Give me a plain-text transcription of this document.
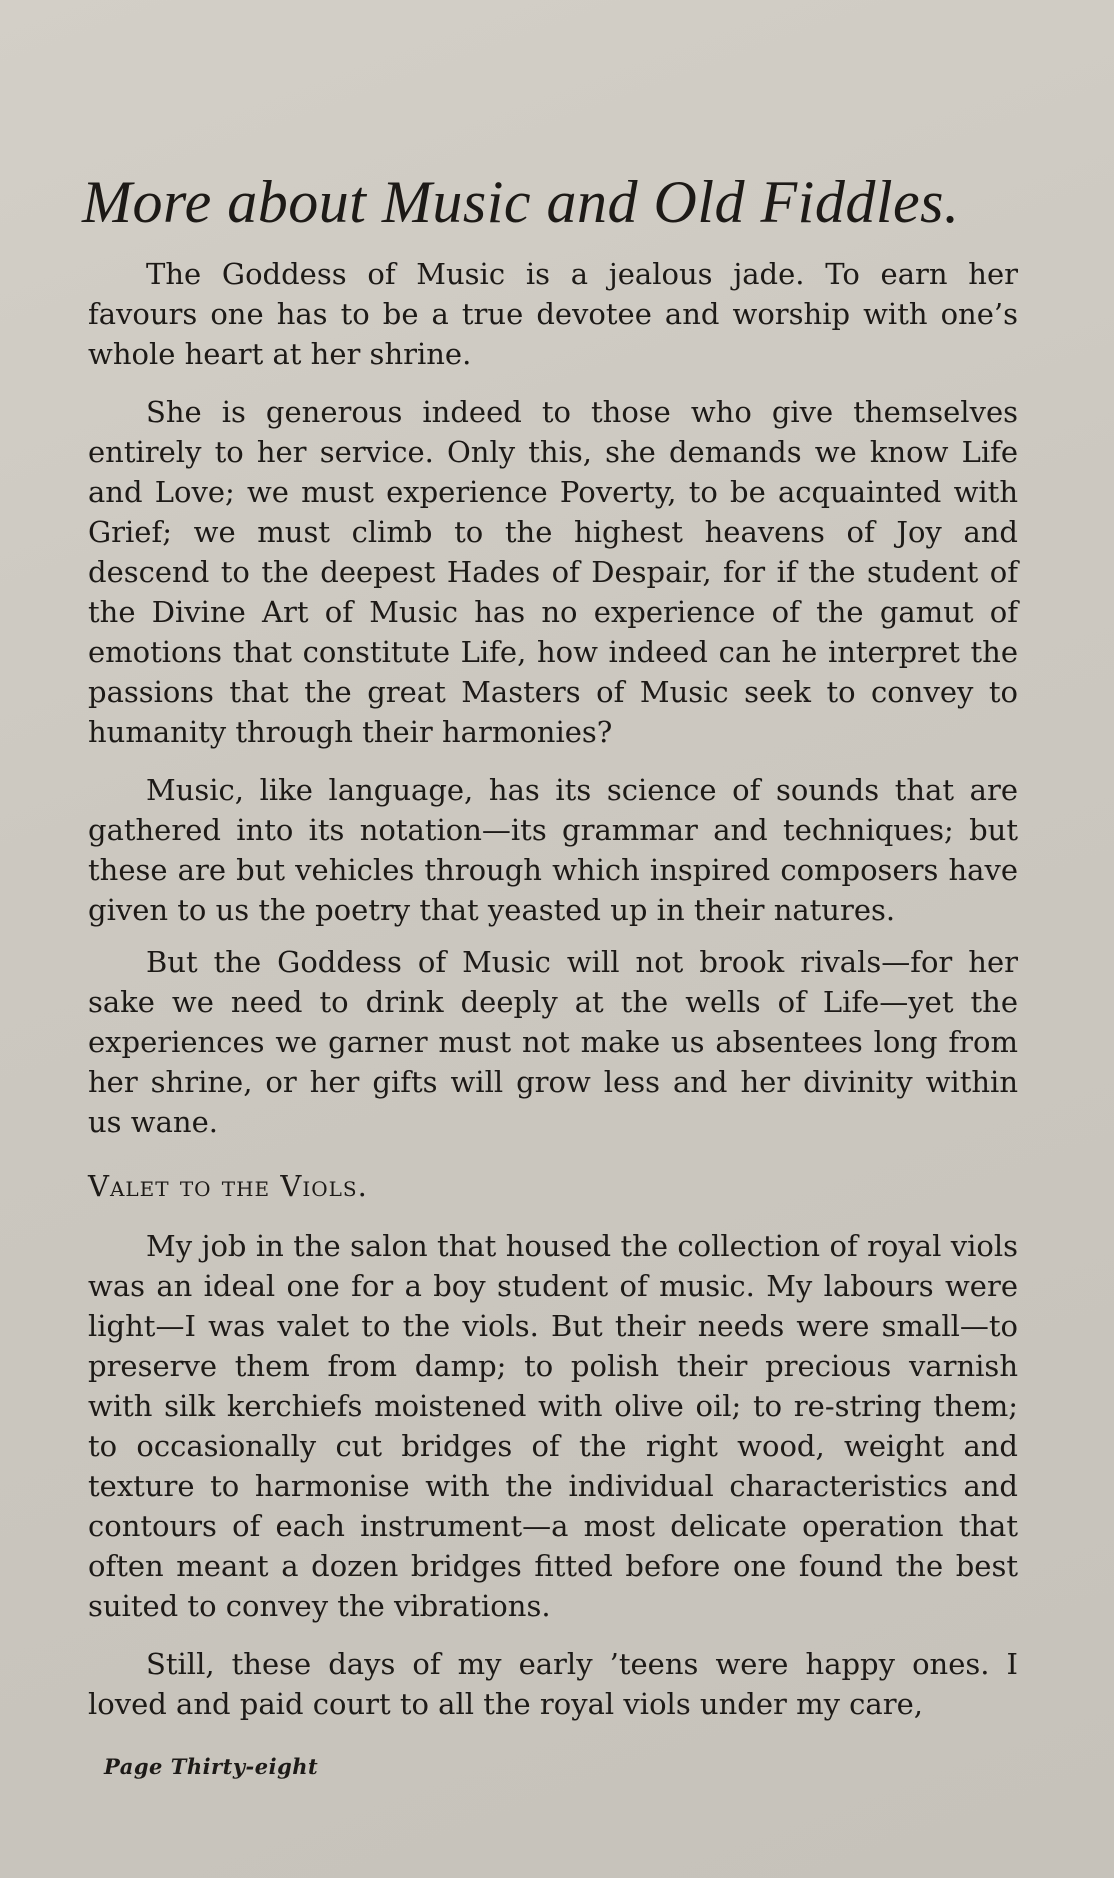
More about Music and Old Fiddles.

The Goddess of Music is a jealous jade. To earn her favours one has to be a true devotee and worship with one’s whole heart at her shrine.

She is generous indeed to those who give themselves entirely to her service. Only this, she demands we know Life and Love; we must experience Poverty, to be acquainted with Grief; we must climb to the highest heavens of Joy and descend to the deepest Hades of Despair, for if the student of the Divine Art of Music has no experience of the gamut of emotions that constitute Life, how indeed can he interpret the passions that the great Masters of Music seek to convey to humanity through their harmonies?

Music, like language, has its science of sounds that are gathered into its notation—its grammar and techniques; but these are but vehicles through which inspired composers have given to us the poetry that yeasted up in their natures.

But the Goddess of Music will not brook rivals—for her sake we need to drink deeply at the wells of Life—yet the experiences we garner must not make us absentees long from her shrine, or her gifts will grow less and her divinity within us wane.

Valet to the Viols.

My job in the salon that housed the collection of royal viols was an ideal one for a boy student of music. My labours were light—I was valet to the viols. But their needs were small—to preserve them from damp; to polish their precious varnish with silk kerchiefs moistened with olive oil; to re-string them; to occasionally cut bridges of the right wood, weight and texture to harmonise with the individual characteristics and contours of each instrument—a most delicate operation that often meant a dozen bridges fitted before one found the best suited to convey the vibrations.

Still, these days of my early ’teens were happy ones. I loved and paid court to all the royal viols under my care,

Page Thirty-eight
